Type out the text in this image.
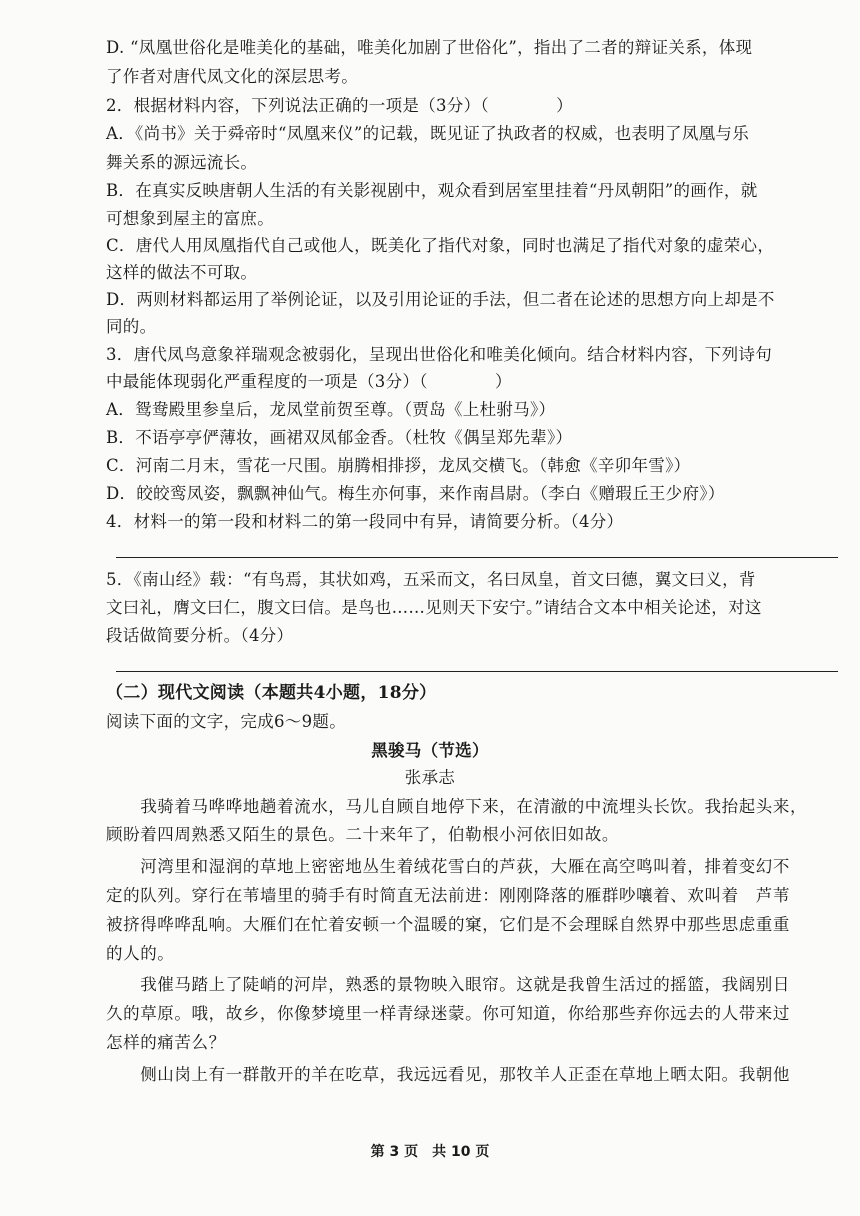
D. “凤凰世俗化是唯美化的基础，唯美化加剧了世俗化”，指出了二者的辩证关系，体现
了作者对唐代凤文化的深层思考。
2．根据材料内容，下列说法正确的一项是（3分）（　　　　）
A．《尚书》关于舜帝时“凤凰来仪”的记载，既见证了执政者的权威，也表明了凤凰与乐
舞关系的源远流长。
B．在真实反映唐朝人生活的有关影视剧中，观众看到居室里挂着“丹凤朝阳”的画作，就
可想象到屋主的富庶。
C．唐代人用凤凰指代自己或他人，既美化了指代对象，同时也满足了指代对象的虚荣心，
这样的做法不可取。
D．两则材料都运用了举例论证，以及引用论证的手法，但二者在论述的思想方向上却是不
同的。
3．唐代凤鸟意象祥瑞观念被弱化，呈现出世俗化和唯美化倾向。结合材料内容，下列诗句
中最能体现弱化严重程度的一项是（3分）（　　　　）
A．鸳鸯殿里参皇后，龙凤堂前贺至尊。（贾岛《上杜驸马》）
B．不语亭亭俨薄妆，画裙双凤郁金香。（杜牧《偶呈郑先辈》）
C．河南二月末，雪花一尺围。崩腾相排拶，龙凤交横飞。（韩愈《辛卯年雪》）
D．皎皎鸾凤姿，飘飘神仙气。梅生亦何事，来作南昌尉。（李白《赠瑕丘王少府》）
4．材料一的第一段和材料二的第一段同中有异，请简要分析。（4分）
5．《南山经》载：“有鸟焉，其状如鸡，五采而文，名曰凤皇，首文曰德，翼文曰义，背
文曰礼，膺文曰仁，腹文曰信。是鸟也……见则天下安宁。”请结合文本中相关论述，对这
段话做简要分析。（4分）
（二）现代文阅读（本题共4小题，18分）
阅读下面的文字，完成6～9题。
黑骏马（节选）
张承志
　　我骑着马哗哗地趟着流水，马儿自顾自地停下来，在清澈的中流埋头长饮。我抬起头来，
顾盼着四周熟悉又陌生的景色。二十来年了，伯勒根小河依旧如故。
　　河湾里和湿润的草地上密密地丛生着绒花雪白的芦荻，大雁在高空鸣叫着，排着变幻不
定的队列。穿行在苇墙里的骑手有时简直无法前进：刚刚降落的雁群吵嚷着、欢叫着　芦苇
被挤得哗哗乱响。大雁们在忙着安顿一个温暖的窠，它们是不会理睬自然界中那些思虑重重
的人的。
　　我催马踏上了陡峭的河岸，熟悉的景物映入眼帘。这就是我曾生活过的摇篮，我阔别日
久的草原。哦，故乡，你像梦境里一样青绿迷蒙。你可知道，你给那些弃你远去的人带来过
怎样的痛苦么？
　　侧山岗上有一群散开的羊在吃草，我远远看见，那牧羊人正歪在草地上晒太阳。我朝他
第 3 页　共 10 页
